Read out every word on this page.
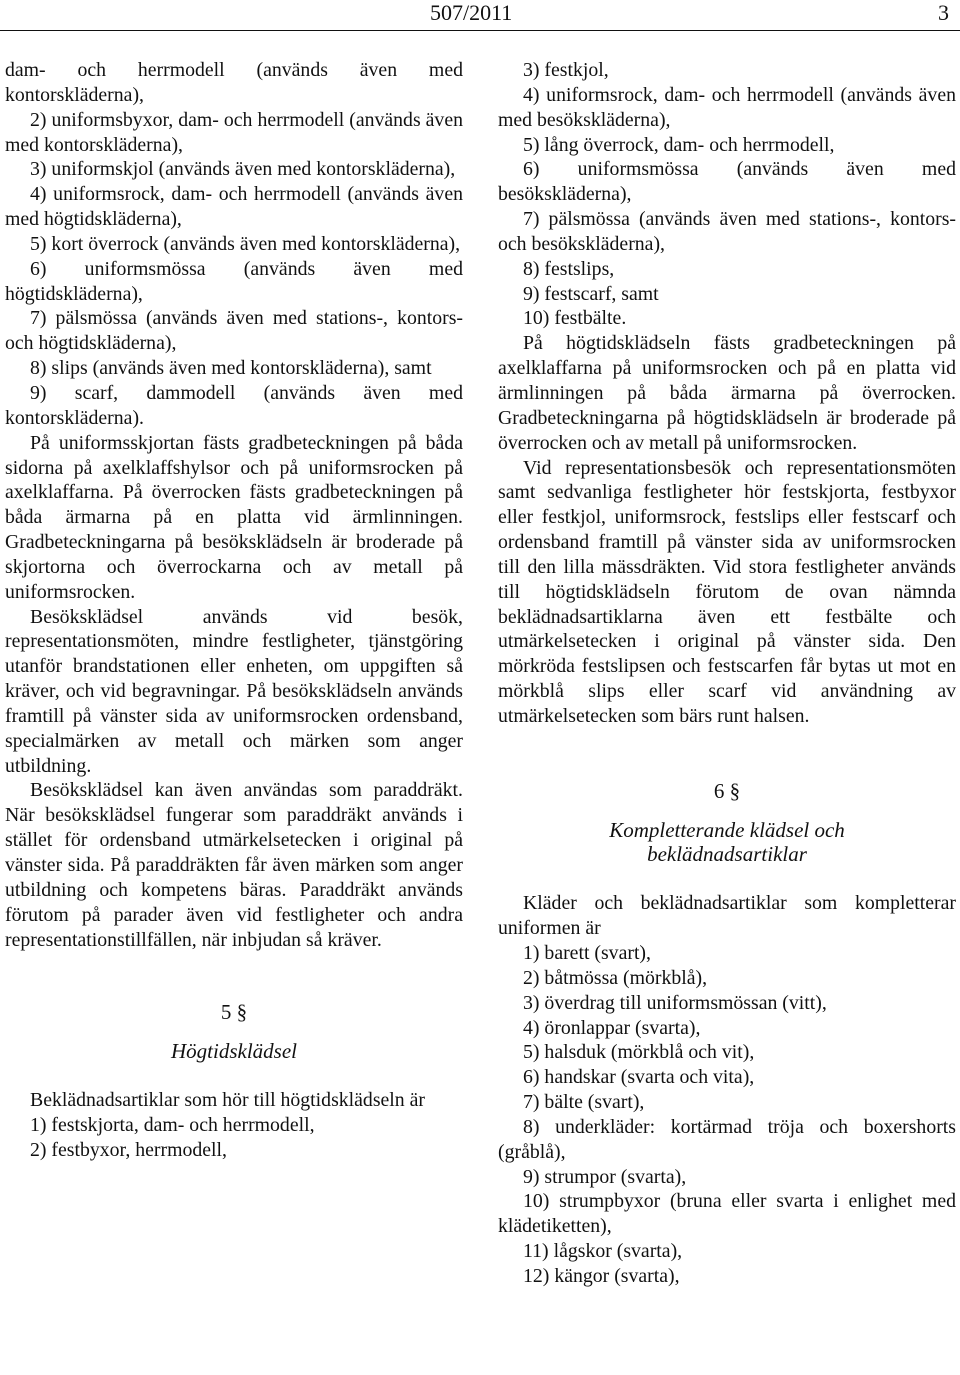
507/2011	3

dam- och herrmodell (används även med kontorskläderna),

2) uniformsbyxor, dam- och herrmodell (används även med kontorskläderna),

3) uniformskjol (används även med kontorskläderna),

4) uniformsrock, dam- och herrmodell (används även med högtidskläderna),

5) kort överrock (används även med kontorskläderna),

6) uniformsmössa (används även med högtidskläderna),

7) pälsmössa (används även med stations-, kontors- och högtidskläderna),

8) slips (används även med kontorskläderna), samt

9) scarf, dammodell (används även med kontorskläderna).

På uniformsskjortan fästs gradbeteckningen på båda sidorna på axelklaffshylsor och på uniformsrocken på axelklaffarna. På överrocken fästs gradbeteckningen på båda ärmarna på en platta vid ärmlinningen. Gradbeteckningarna på besöksklädseln är broderade på skjortorna och överrockarna och av metall på uniformsrocken.

Besöksklädsel används vid besök, representationsmöten, mindre festligheter, tjänstgöring utanför brandstationen eller enheten, om uppgiften så kräver, och vid begravningar. På besöksklädseln används framtill på vänster sida av uniformsrocken ordensband, specialmärken av metall och märken som anger utbildning.

Besöksklädsel kan även användas som paraddräkt. När besöksklädsel fungerar som paraddräkt används i stället för ordensband utmärkelsetecken i original på vänster sida. På paraddräkten får även märken som anger utbildning och kompetens bäras. Paraddräkt används förutom på parader även vid festligheter och andra representationstillfällen, när inbjudan så kräver.

5 §
Högtidsklädsel

Beklädnadsartiklar som hör till högtidsklädseln är

1) festskjorta, dam- och herrmodell,

2) festbyxor, herrmodell,

3) festkjol,

4) uniformsrock, dam- och herrmodell (används även med besökskläderna),

5) lång överrock, dam- och herrmodell,

6) uniformsmössa (används även med besökskläderna),

7) pälsmössa (används även med stations-, kontors- och besökskläderna),

8) festslips,

9) festscarf, samt

10) festbälte.

På högtidsklädseln fästs gradbeteckningen på axelklaffarna på uniformsrocken och på en platta vid ärmlinningen på båda ärmarna på överrocken. Gradbeteckningarna på högtidsklädseln är broderade på överrocken och av metall på uniformsrocken.

Vid representationsbesök och representationsmöten samt sedvanliga festligheter hör festskjorta, festbyxor eller festkjol, uniformsrock, festslips eller festscarf och ordensband framtill på vänster sida av uniformsrocken till den lilla mässdräkten. Vid stora festligheter används till högtidsklädseln förutom de ovan nämnda beklädnadsartiklarna även ett festbälte och utmärkelsetecken i original på vänster sida. Den mörkröda festslipsen och festscarfen får bytas ut mot en mörkblå slips eller scarf vid användning av utmärkelsetecken som bärs runt halsen.

6 §
Kompletterande klädsel och beklädnadsartiklar

Kläder och beklädnadsartiklar som kompletterar uniformen är

1) barett (svart),

2) båtmössa (mörkblå),

3) överdrag till uniformsmössan (vitt),

4) öronlappar (svarta),

5) halsduk (mörkblå och vit),

6) handskar (svarta och vita),

7) bälte (svart),

8) underkläder: kortärmad tröja och boxershorts (gråblå),

9) strumpor (svarta),

10) strumpbyxor (bruna eller svarta i enlighet med klädetiketten),

11) lågskor (svarta),

12) kängor (svarta),
